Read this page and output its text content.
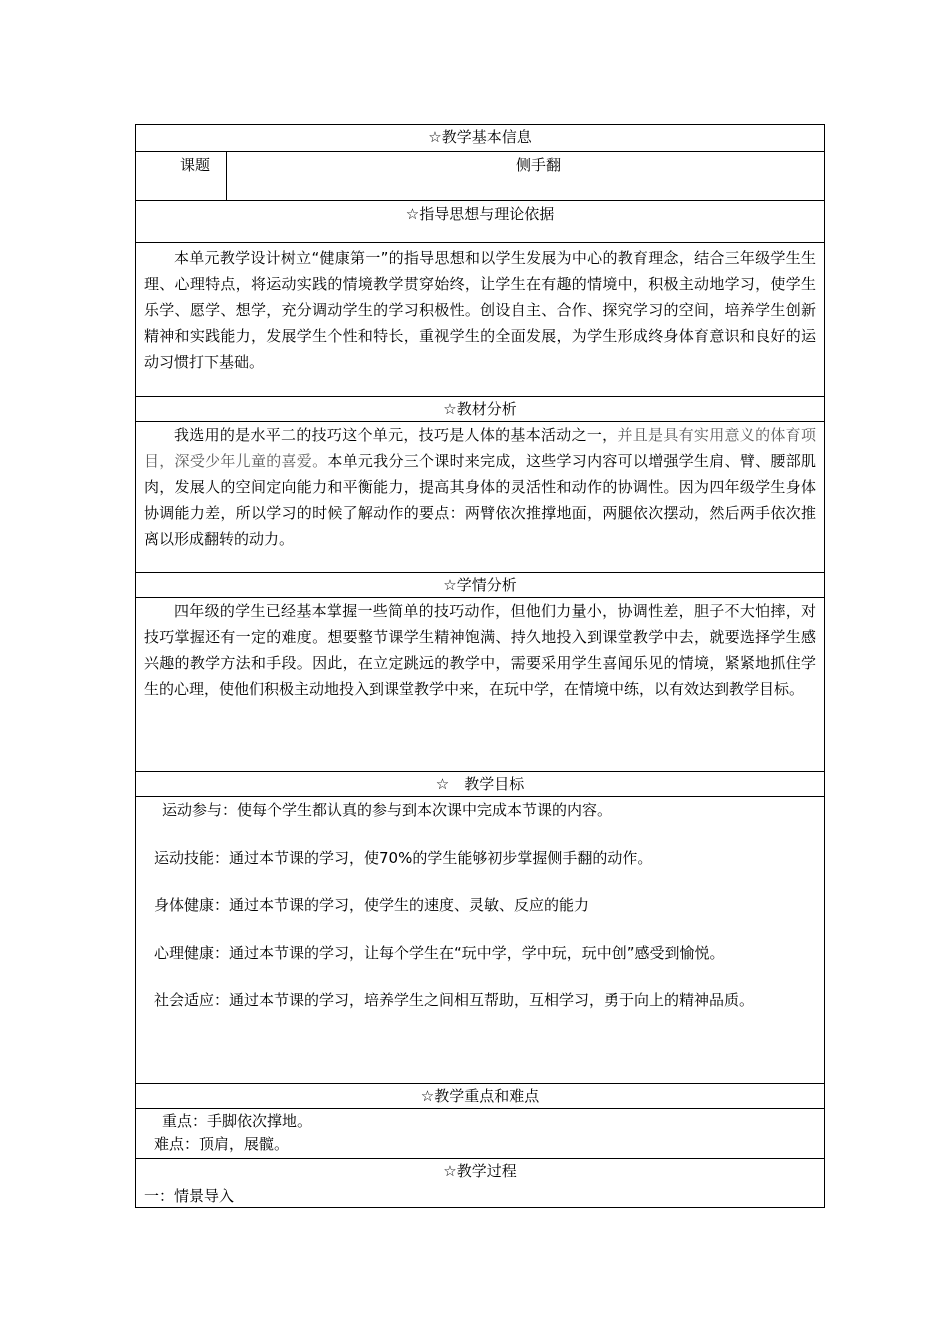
☆教学基本信息
课题	侧手翻
☆指导思想与理论依据

本单元教学设计树立“健康第一”的指导思想和以学生发展为中心的教育理念，结合三年级学生生理、心理特点，将运动实践的情境教学贯穿始终，让学生在有趣的情境中，积极主动地学习，使学生乐学、愿学、想学，充分调动学生的学习积极性。创设自主、合作、探究学习的空间，培养学生创新精神和实践能力，发展学生个性和特长，重视学生的全面发展，为学生形成终身体育意识和良好的运动习惯打下基础。

☆教材分析

我选用的是水平二的技巧这个单元，技巧是人体的基本活动之一，并且是具有实用意义的体育项目，深受少年儿童的喜爱。本单元我分三个课时来完成，这些学习内容可以增强学生肩、臂、腰部肌肉，发展人的空间定向能力和平衡能力，提高其身体的灵活性和动作的协调性。因为四年级学生身体协调能力差，所以学习的时候了解动作的要点：两臂依次推撑地面，两腿依次摆动，然后两手依次推离以形成翻转的动力。

☆学情分析

四年级的学生已经基本掌握一些简单的技巧动作，但他们力量小，协调性差，胆子不大怕摔，对技巧掌握还有一定的难度。想要整节课学生精神饱满、持久地投入到课堂教学中去，就要选择学生感兴趣的教学方法和手段。因此，在立定跳远的教学中，需要采用学生喜闻乐见的情境，紧紧地抓住学生的心理，使他们积极主动地投入到课堂教学中来，在玩中学，在情境中练，以有效达到教学目标。

☆　教学目标
运动参与：使每个学生都认真的参与到本次课中完成本节课的内容。
运动技能：通过本节课的学习，使70%的学生能够初步掌握侧手翻的动作。
身体健康：通过本节课的学习，使学生的速度、灵敏、反应的能力
心理健康：通过本节课的学习，让每个学生在“玩中学，学中玩，玩中创”感受到愉悦。
社会适应：通过本节课的学习，培养学生之间相互帮助，互相学习，勇于向上的精神品质。
☆教学重点和难点
重点：手脚依次撑地。
难点：顶肩，展髋。
☆教学过程
一：情景导入
